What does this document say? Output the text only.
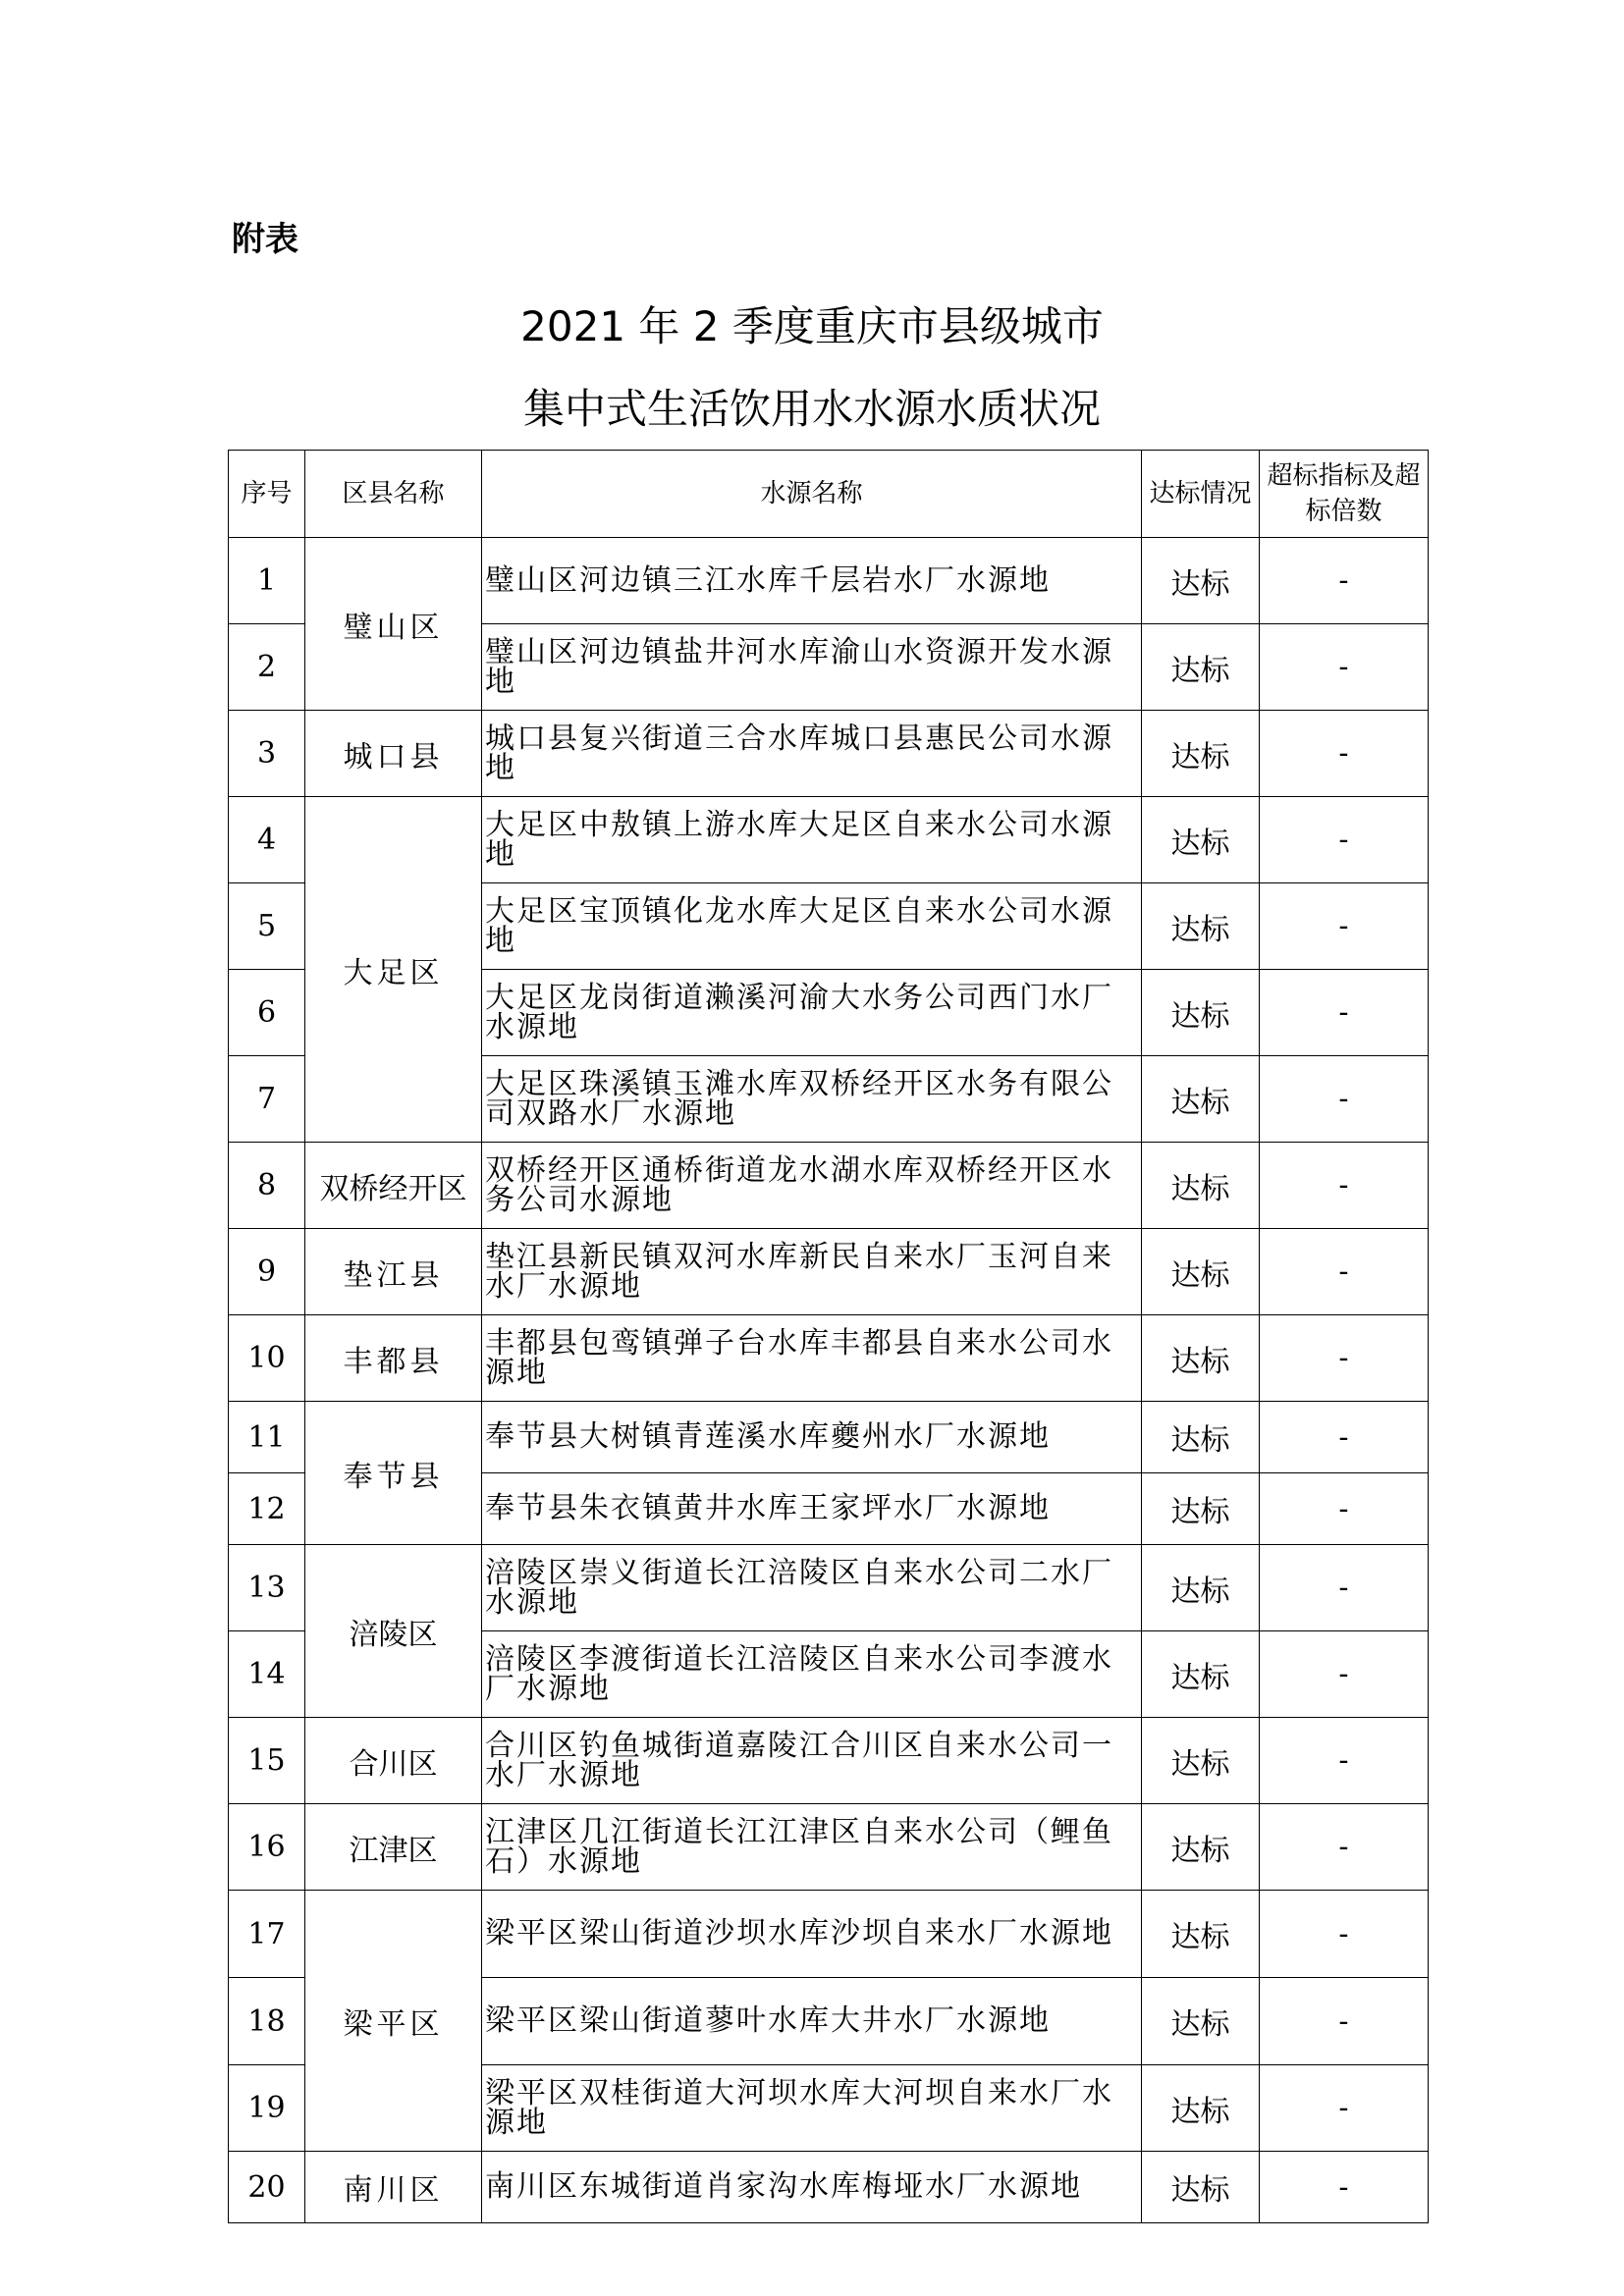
附表
2021 年 2 季度重庆市县级城市
集中式生活饮用水水源水质状况
序号	区县名称	水源名称	达标情况	超标指标及超标倍数
1	璧山区	璧山区河边镇三江水库千层岩水厂水源地	达标	-
2		璧山区河边镇盐井河水库渝山水资源开发水源地	达标	-
3	城口县	城口县复兴街道三合水库城口县惠民公司水源地	达标	-
4	大足区	大足区中敖镇上游水库大足区自来水公司水源地	达标	-
5		大足区宝顶镇化龙水库大足区自来水公司水源地	达标	-
6		大足区龙岗街道濑溪河渝大水务公司西门水厂水源地	达标	-
7		大足区珠溪镇玉滩水库双桥经开区水务有限公司双路水厂水源地	达标	-
8	双桥经开区	双桥经开区通桥街道龙水湖水库双桥经开区水务公司水源地	达标	-
9	垫江县	垫江县新民镇双河水库新民自来水厂玉河自来水厂水源地	达标	-
10	丰都县	丰都县包鸾镇弹子台水库丰都县自来水公司水源地	达标	-
11	奉节县	奉节县大树镇青莲溪水库夔州水厂水源地	达标	-
12		奉节县朱衣镇黄井水库王家坪水厂水源地	达标	-
13	涪陵区	涪陵区崇义街道长江涪陵区自来水公司二水厂水源地	达标	-
14		涪陵区李渡街道长江涪陵区自来水公司李渡水厂水源地	达标	-
15	合川区	合川区钓鱼城街道嘉陵江合川区自来水公司一水厂水源地	达标	-
16	江津区	江津区几江街道长江江津区自来水公司（鲤鱼石）水源地	达标	-
17	梁平区	梁平区梁山街道沙坝水库沙坝自来水厂水源地	达标	-
18		梁平区梁山街道蓼叶水库大井水厂水源地	达标	-
19		梁平区双桂街道大河坝水库大河坝自来水厂水源地	达标	-
20	南川区	南川区东城街道肖家沟水库梅垭水厂水源地	达标	-
